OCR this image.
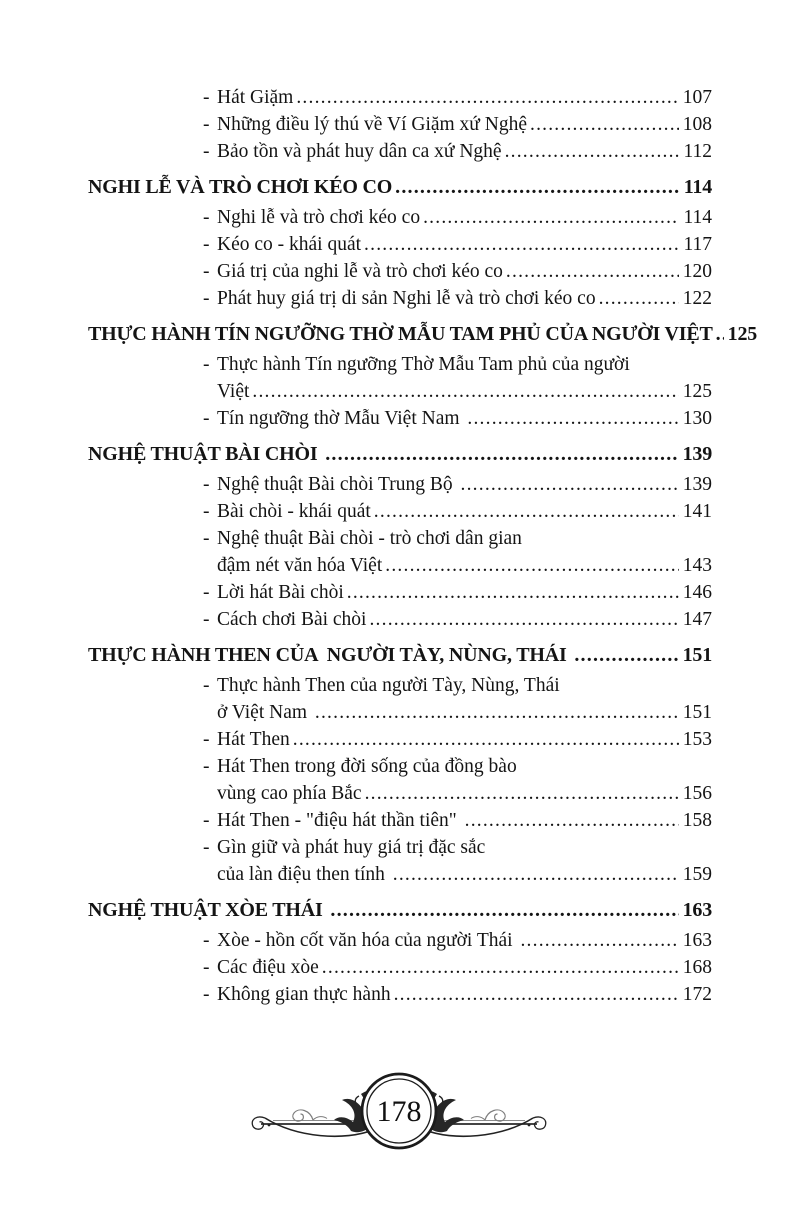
- Hát Giặm .....	107
- Những điều lý thú về Ví Giặm xứ Nghệ .....	108
- Bảo tồn và phát huy dân ca xứ Nghệ .....	112
NGHI LỄ VÀ TRÒ CHƠI KÉO CO .....	114
- Nghi lễ và trò chơi kéo co .....	114
- Kéo co - khái quát .....	117
- Giá trị của nghi lễ và trò chơi kéo co .....	120
- Phát huy giá trị di sản Nghi lễ và trò chơi kéo co .....	122
THỰC HÀNH TÍN NGƯỠNG THỜ MẪU TAM PHỦ CỦA NGƯỜI VIỆT ..... 125
- Thực hành Tín ngưỡng Thờ Mẫu Tam phủ của người
Việt .....	125
- Tín ngưỡng thờ Mẫu Việt Nam .....	130
NGHỆ THUẬT BÀI CHÒI .....	139
- Nghệ thuật Bài chòi Trung Bộ .....	139
- Bài chòi - khái quát .....	141
- Nghệ thuật Bài chòi - trò chơi dân gian
đậm nét văn hóa Việt .....	143
- Lời hát Bài chòi .....	146
- Cách chơi Bài chòi .....	147
THỰC HÀNH THEN CỦA  NGƯỜI TÀY, NÙNG, THÁI .....	151
- Thực hành Then của người Tày, Nùng, Thái
ở Việt Nam .....	151
- Hát Then .....	153
- Hát Then trong đời sống của đồng bào
vùng cao phía Bắc .....	156
- Hát Then - "điệu hát thần tiên" .....	158
- Gìn giữ và phát huy giá trị đặc sắc
của làn điệu then tính .....	159
NGHỆ THUẬT XÒE THÁI .....	163
- Xòe - hồn cốt văn hóa của người Thái .....	163
- Các điệu xòe .....	168
- Không gian thực hành .....	172
178
